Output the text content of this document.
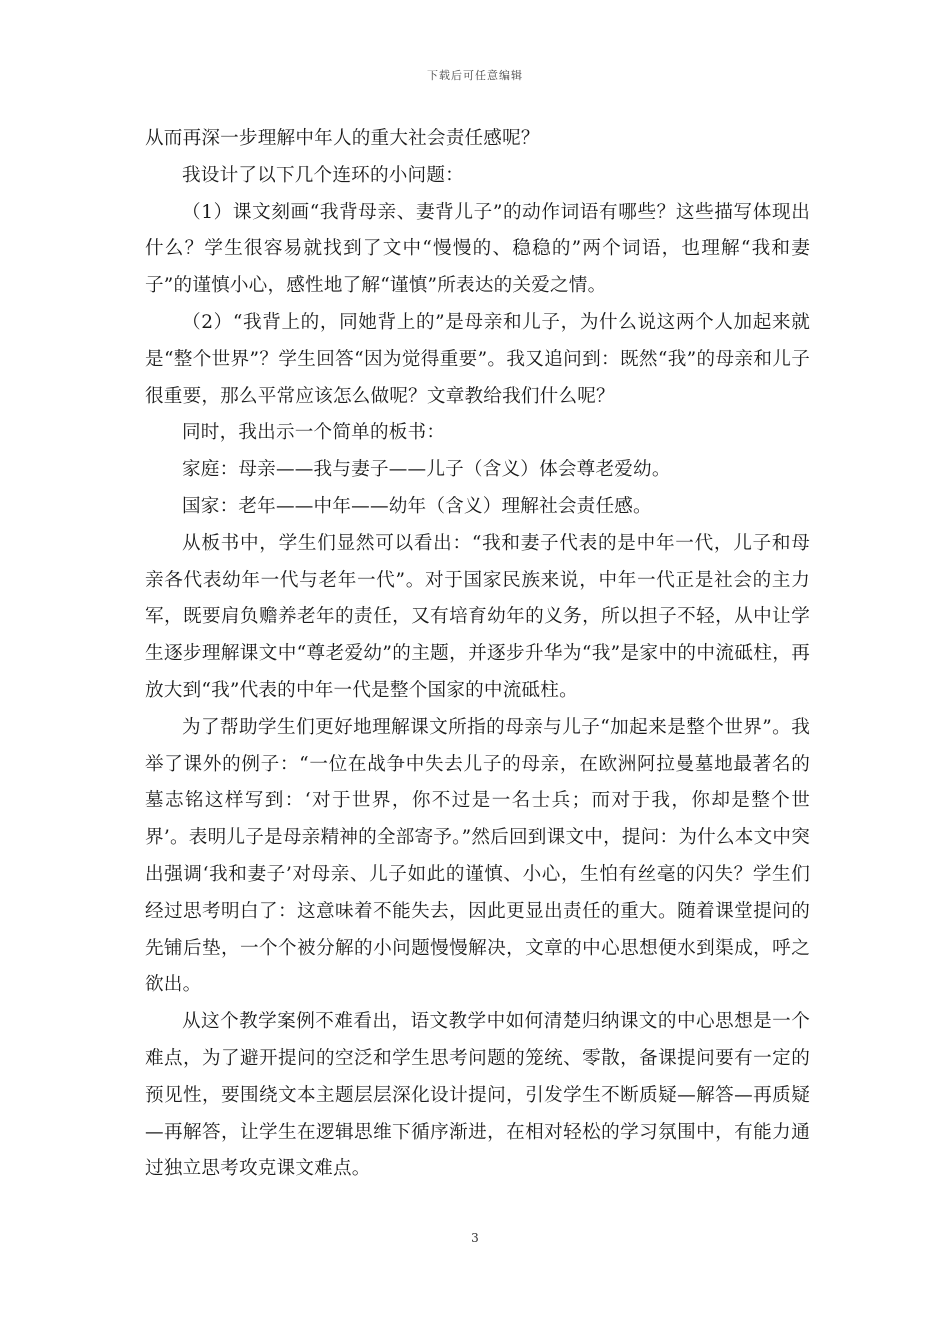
下载后可任意编辑

从而再深一步理解中年人的重大社会责任感呢？

我设计了以下几个连环的小问题：

（1）课文刻画“我背母亲、妻背儿子”的动作词语有哪些？这些描写体现出什么？学生很容易就找到了文中“慢慢的、稳稳的”两个词语，也理解“我和妻子”的谨慎小心，感性地了解“谨慎”所表达的关爱之情。

（2）“我背上的，同她背上的”是母亲和儿子，为什么说这两个人加起来就是“整个世界”？学生回答“因为觉得重要”。我又追问到：既然“我”的母亲和儿子很重要，那么平常应该怎么做呢？文章教给我们什么呢？

同时，我出示一个简单的板书：

家庭：母亲——我与妻子——儿子（含义）体会尊老爱幼。

国家：老年——中年——幼年（含义）理解社会责任感。

从板书中，学生们显然可以看出：“我和妻子代表的是中年一代，儿子和母亲各代表幼年一代与老年一代”。对于国家民族来说，中年一代正是社会的主力军，既要肩负赡养老年的责任，又有培育幼年的义务，所以担子不轻，从中让学生逐步理解课文中“尊老爱幼”的主题，并逐步升华为“我”是家中的中流砥柱，再放大到“我”代表的中年一代是整个国家的中流砥柱。

为了帮助学生们更好地理解课文所指的母亲与儿子“加起来是整个世界”。我举了课外的例子：“一位在战争中失去儿子的母亲，在欧洲阿拉曼墓地最著名的墓志铭这样写到：‘对于世界，你不过是一名士兵；而对于我，你却是整个世界’。表明儿子是母亲精神的全部寄予。”然后回到课文中，提问：为什么本文中突出强调‘我和妻子’对母亲、儿子如此的谨慎、小心，生怕有丝毫的闪失？学生们经过思考明白了：这意味着不能失去，因此更显出责任的重大。随着课堂提问的先铺后垫，一个个被分解的小问题慢慢解决，文章的中心思想便水到渠成，呼之欲出。

从这个教学案例不难看出，语文教学中如何清楚归纳课文的中心思想是一个难点，为了避开提问的空泛和学生思考问题的笼统、零散，备课提问要有一定的预见性，要围绕文本主题层层深化设计提问，引发学生不断质疑—解答—再质疑—再解答，让学生在逻辑思维下循序渐进，在相对轻松的学习氛围中，有能力通过独立思考攻克课文难点。

3
